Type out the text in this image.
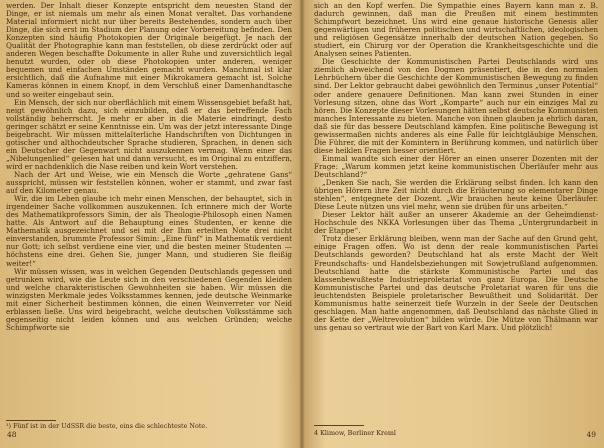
werden. Der Inhalt dieser Konzepte entspricht dem neuesten Stand der Dinge, er ist niemals um mehr als einen Monat veraltet. Das vorhandene Material informiert nicht nur über bereits Bestehendes, sondern auch über Dinge, die sich erst im Stadium der Planung oder Vorbereitung befinden. Den Konzepten sind häufig Photokopien der Originale beigefügt. Je nach der Qualität der Photographie kann man feststellen, ob diese zerdrückt oder auf anderen Wegen beschaffte Dokumente in aller Ruhe und zuversichtlich legal benutzt wurden, oder ob diese Photokopien unter anderen, weniger bequemen und einfachen Umständen gemacht wurden. Manchmal ist klar ersichtlich, daß die Aufnahme mit einer Mikrokamera gemacht ist. Solche Kameras können in einem Knopf, in dem Verschluß einer Damenhandtasche und so weiter eingebaut sein.

Ein Mensch, der sich nur oberflächlich mit einem Wissensgebiet befaßt hat, neigt gewöhnlich dazu, sich einzubilden, daß er das betreffende Fach vollständig beherrscht. Je mehr er aber in die Materie eindringt, desto geringer schätzt er seine Kenntnisse ein. Um was der jetzt interessante Dinge beigebracht. Wir müssen mittelalterliche Handschriften von Dichtungen in gotischer und althochdeutscher Sprache studieren, Sprachen, in denen sich ein Deutscher der Gegenwart nicht auszukennen vermag. Wenn einer das „Nibelungenlied“ gelesen hat und dann versucht, es im Original zu entziffern, wird er nachdenklich die Nase reiben und kein Wort verstehen.

Nach der Art und Weise, wie ein Mensch die Worte „gehratene Gans“ ausspricht, müssen wir feststellen können, woher er stammt, und zwar fast auf den Kilometer genau.

Wir, die im Leben glaube ich mehr einen Menschen, der behauptet, sich in irgendeiner Sache vollkommen auszukennen. Ich erinnere mich der Worte des Mathematikprofessors Simin, der als Theologie-Philosoph einen Namen hatte. Als Antwort auf die Behauptung eines Studenten, er kenne die Mathematik ausgezeichnet und sei mit der Ihm erteilten Note drei nicht einverstanden, brummte Professor Simin: „Eine fünf“ in Mathematik verdient nur Gott; ich selbst verdiene eine vier, und die besten meiner Studenten — höchstens eine drei. Gehen Sie, junger Mann, und studieren Sie fleißig weiter!“

Wir müssen wissen, was in welchen Gegenden Deutschlands gegessen und getrunken wird, wie die Leute sich in den verschiedenen Gegenden kleiden und welche charakteristischen Gewohnheiten sie haben. Wir müssen die winzigsten Merkmale jedes Volksstammes kennen, jede deutsche Weinmarke mit einer Sicherheit bestimmen können, die einen Weinverreter vor Neid erblassen ließe. Uns wird beigebracht, welche deutschen Volksstämme sich gegenseitig nicht leiden können und aus welchen Gründen; welche Schimpfworte sie

¹) Fünf ist in der UdSSR die beste, eins die schlechteste Note.
48

sich an den Kopf werfen. Die Sympathie eines Bayern kann man z. B. dadurch gewinnen, daß man die Preußen mit einem bestimmten Schimpfwort bezeichnet. Uns wird eine genaue historische Genesis aller gegenwärtigen und früheren politischen und wirtschaftlichen, ideologischen und religiösen Gegensätze innerhalb der deutschen Nation gegeben. So studiert, ein Chirurg vor der Operation die Krankheitsgeschichte und die Analysen seines Patienten.

Die Geschichte der Kommunistischen Partei Deutschlands wird uns ziemlich abweichend von den Dogmen präsentiert, die in den normalen Lehrbüchern über die Geschichte der Kommunistischen Bewegung zu finden sind. Der Lektor gebraucht dabei gewöhnlich den Terminus „unser Potential“ oder andere genauere Definitionen. Man kann zwei Stunden in einer Vorlesung sitzen, ohne das Wort „Komparte“ auch nur ein einziges Mal zu hören. Die Konzepte dieser Vorlesungen hätten selbst deutsche Kommunisten manches Interessante zu bieten. Manche von ihnen glauben ja ehrlich daran, daß sie für das bessere Deutschland kämpfen. Eine politische Bewegung ist gewissermaßen nichts anderes als eine Falle für leichtgläubige Menschen. Die Führer, die mit der Komintern in Berührung kommen, und natürlich über diese heiklen Fragen besser orientiert.

Einmal wandte sich einer der Hörer an einen unserer Dozenten mit der Frage: „Warum kommen jetzt keine kommunistischen Überläufer mehr aus Deutschland?“

„Denken Sie nach, Sie werden die Erklärung selbst finden. Ich kann den übrigen Hörern ihre Zeit nicht durch die Erläuterung so elementarer Dinge stehlen“, entgegnete der Dozent. „Wir brauchen heute keine Überläufer. Diese Leute nützen uns viel mehr, wenn sie drüben für uns arbeiten.“

Dieser Lektor hält außer an unserer Akademie an der Geheimdienst-Hochschule des NKKA Vorlesungen über das Thema „Untergrundarbeit in der Etappe“.

Trotz dieser Erklärung bleiben, wenn man der Sache auf den Grund geht, einige Fragen offen. Wo ist denn der reale kommunistischen Partei Deutschlands geworden? Deutschland hat als erste Macht der Welt Freundschafts- und Handelsbeziehungen mit Sowjetrußland aufgenommen. Deutschland hatte die stärkste Kommunistische Partei und das klassenbewußteste Industrieproletariat von ganz Europa. Die Deutsche Kommunistische Partei und das deutsche Proletariat waren für uns die leuchtendsten Beispiele proletarischer Bewußtheit und Solidarität. Der Kommunismus hatte seinerzeit tiefe Wurzeln in der Seele der Deutschen geschlagen. Man hatte angenommen, daß Deutschland das nächste Glied in der Kette der „Weltrevolution“ bilden würde. Die Mütze von Thälmann war uns genau so vertraut wie der Bart von Karl Marx. Und plötzlich!

4 Klimow, Berliner Kreml	49
